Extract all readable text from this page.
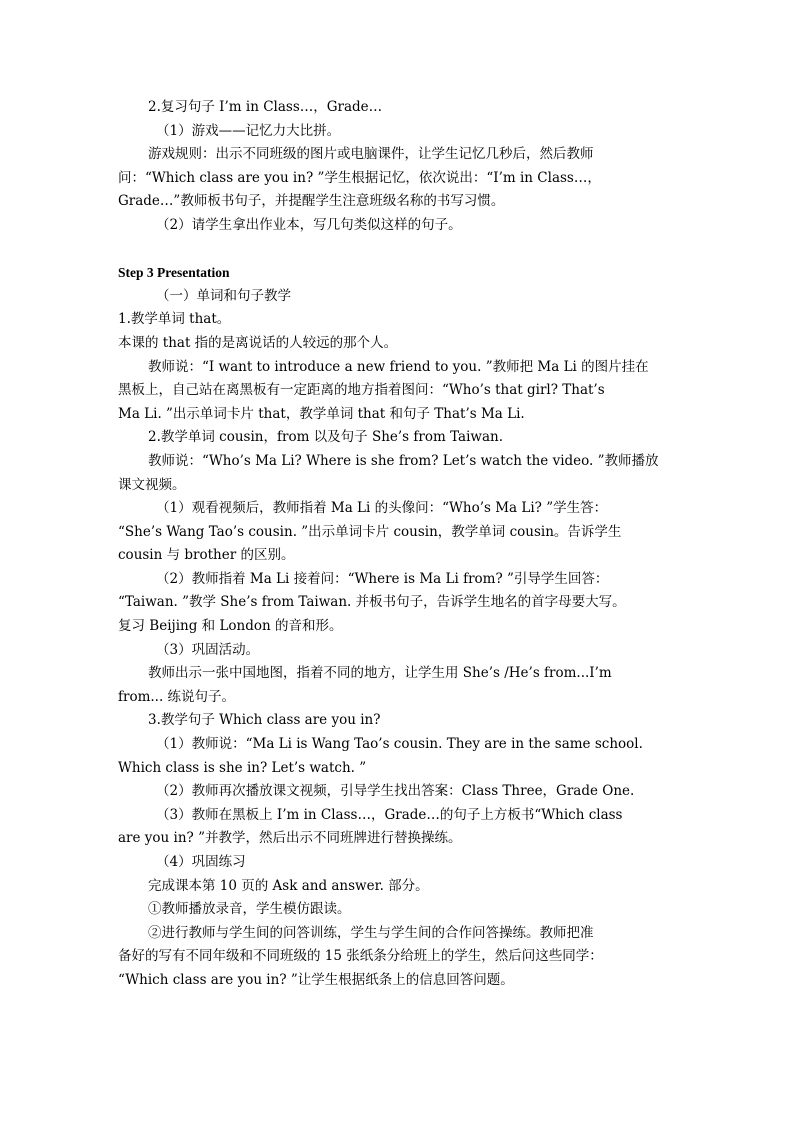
2.复习句子 I’m in Class…，Grade…

（1）游戏——记忆力大比拼。

游戏规则：出示不同班级的图片或电脑课件，让学生记忆几秒后，然后教师

问：“Which class are you in? ”学生根据记忆，依次说出：“I’m in Class…，

Grade…”教师板书句子，并提醒学生注意班级名称的书写习惯。

（2）请学生拿出作业本，写几句类似这样的句子。

Step 3 Presentation

（一）单词和句子教学

1.教学单词 that。

本课的 that 指的是离说话的人较远的那个人。

教师说：“I want to introduce a new friend to you. ”教师把 Ma Li 的图片挂在

黑板上，自己站在离黑板有一定距离的地方指着图问：“Who’s that girl? That’s

Ma Li. ”出示单词卡片 that，教学单词 that 和句子 That’s Ma Li.

2.教学单词 cousin，from 以及句子 She’s from Taiwan.

教师说：“Who’s Ma Li? Where is she from? Let’s watch the video. ”教师播放

课文视频。

（1）观看视频后，教师指着 Ma Li 的头像问：“Who’s Ma Li? ”学生答：

“She’s Wang Tao’s cousin. ”出示单词卡片 cousin，教学单词 cousin。告诉学生

cousin 与 brother 的区别。

（2）教师指着 Ma Li 接着问：“Where is Ma Li from? ”引导学生回答：

“Taiwan. ”教学 She’s from Taiwan. 并板书句子，告诉学生地名的首字母要大写。

复习 Beijing 和 London 的音和形。

（3）巩固活动。

教师出示一张中国地图，指着不同的地方，让学生用 She’s /He’s from...I’m

from... 练说句子。

3.教学句子 Which class are you in?

（1）教师说：“Ma Li is Wang Tao’s cousin. They are in the same school.

Which class is she in? Let’s watch. ”

（2）教师再次播放课文视频，引导学生找出答案：Class Three，Grade One.

（3）教师在黑板上 I’m in Class…，Grade…的句子上方板书“Which class

are you in? ”并教学，然后出示不同班牌进行替换操练。

（4）巩固练习

完成课本第 10 页的 Ask and answer. 部分。

①教师播放录音，学生模仿跟读。

②进行教师与学生间的问答训练，学生与学生间的合作问答操练。教师把准

备好的写有不同年级和不同班级的 15 张纸条分给班上的学生，然后问这些同学：

“Which class are you in? ”让学生根据纸条上的信息回答问题。
